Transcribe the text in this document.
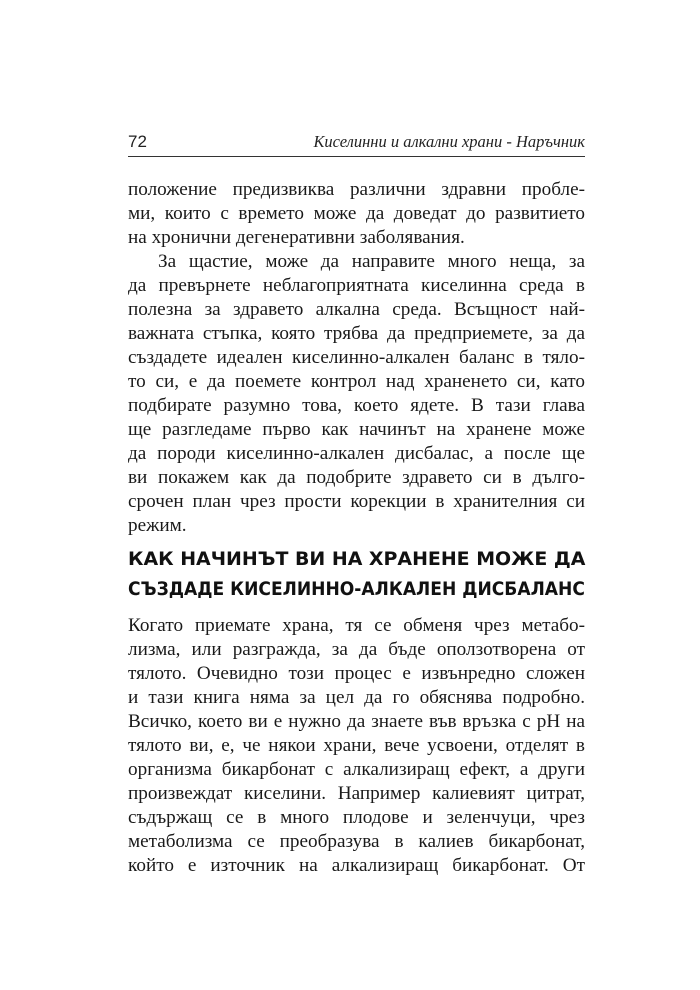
72	Киселинни и алкални храни - Наръчник
положение предизвиква различни здравни пробле-
ми, които с времето може да доведат до развитието
на хронични дегенеративни заболявания.
За щастие, може да направите много неща, за
да превърнете неблагоприятната киселинна среда в
полезна за здравето алкална среда. Всъщност най-
важната стъпка, която трябва да предприемете, за да
създадете идеален киселинно-алкален баланс в тяло-
то си, е да поемете контрол над храненето си, като
подбирате разумно това, което ядете. В тази глава
ще разгледаме първо как начинът на хранене може
да породи киселинно-алкален дисбалас, а после ще
ви покажем как да подобрите здравето си в дълго-
срочен план чрез прости корекции в хранителния си
режим.
КАК НАЧИНЪТ ВИ НА ХРАНЕНЕ МОЖЕ ДА
СЪЗДАДЕ КИСЕЛИННО-АЛКАЛЕН ДИСБАЛАНС
Когато приемате храна, тя се обменя чрез метабо-
лизма, или разгражда, за да бъде оползотворена от
тялото. Очевидно този процес е извънредно сложен
и тази книга няма за цел да го обяснява подробно.
Всичко, което ви е нужно да знаете във връзка с pH на
тялото ви, е, че някои храни, вече усвоени, отделят в
организма бикарбонат с алкализиращ ефект, а други
произвеждат киселини. Например калиевият цитрат,
съдържащ се в много плодове и зеленчуци, чрез
метаболизма се преобразува в калиев бикарбонат,
който е източник на алкализиращ бикарбонат. От
